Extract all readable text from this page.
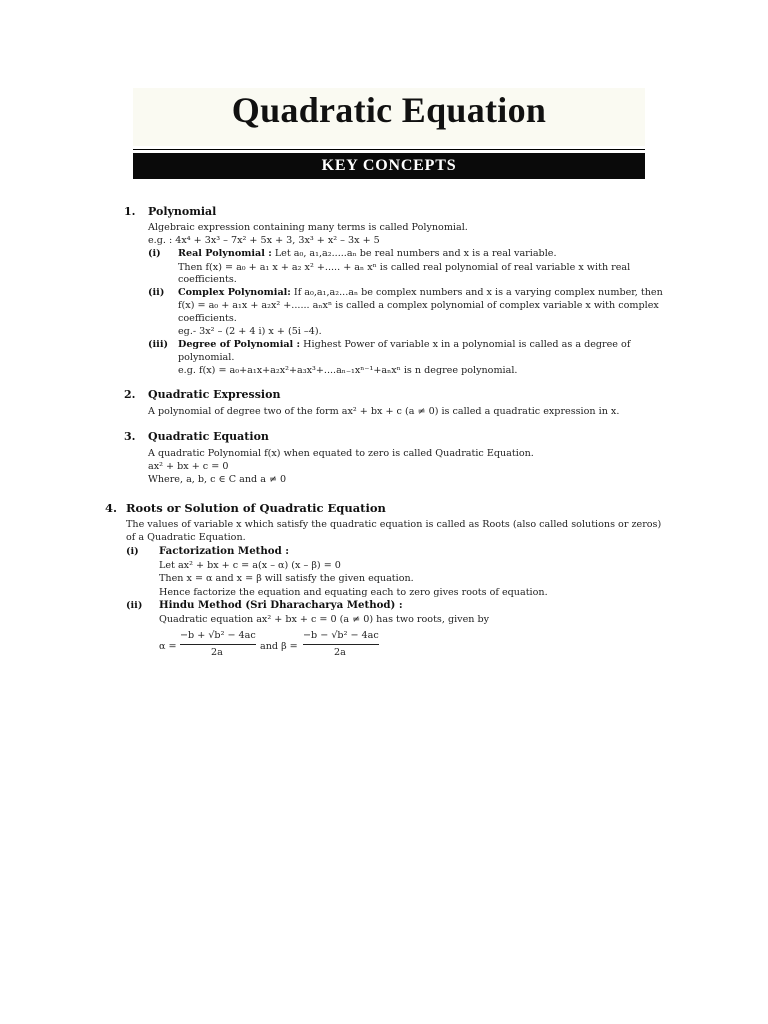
Quadratic Equation
KEY CONCEPTS
1. Polynomial
Algebraic expression containing many terms is called Polynomial.
e.g. : 4x⁴ + 3x³ – 7x² + 5x + 3, 3x³ + x² – 3x + 5
(i) Real Polynomial : Let a₀, a₁,a₂.....aₙ be real numbers and x is a real variable.
Then f(x) = a₀ + a₁ x + a₂ x² +..... + aₙ xⁿ is called real polynomial of real variable x with real
coefficients.
(ii) Complex Polynomial: If a₀,a₁,a₂...aₙ be complex numbers and x is a varying complex number, then
f(x) = a₀ + a₁x + a₂x² +...... aₙxⁿ is called a complex polynomial of complex variable x with complex
coefficients.
eg.- 3x² – (2 + 4 i) x + (5i –4).
(iii) Degree of Polynomial : Highest Power of variable x in a polynomial is called as a degree of
polynomial.
e.g. f(x) = a₀+a₁x+a₂x²+a₃x³+....aₙ₋₁xⁿ⁻¹+aₙxⁿ is n degree polynomial.
2. Quadratic Expression
A polynomial of degree two of the form ax² + bx + c (a ≠ 0) is called a quadratic expression in x.
3. Quadratic Equation
A quadratic Polynomial f(x) when equated to zero is called Quadratic Equation.
ax² + bx + c = 0
Where, a, b, c ∈ C and a ≠ 0
4. Roots or Solution of Quadratic Equation
The values of variable x which satisfy the quadratic equation is called as Roots (also called solutions or zeros)
of a Quadratic Equation.
(i) Factorization Method :
Let ax² + bx + c = a(x – α) (x – β) = 0
Then x = α and x = β will satisfy the given equation.
Hence factorize the equation and equating each to zero gives roots of equation.
(ii) Hindu Method (Sri Dharacharya Method) :
Quadratic equation ax² + bx + c = 0 (a ≠ 0) has two roots, given by
α =
−b + √b² − 4ac
2a
and β =
−b − √b² − 4ac
2a
